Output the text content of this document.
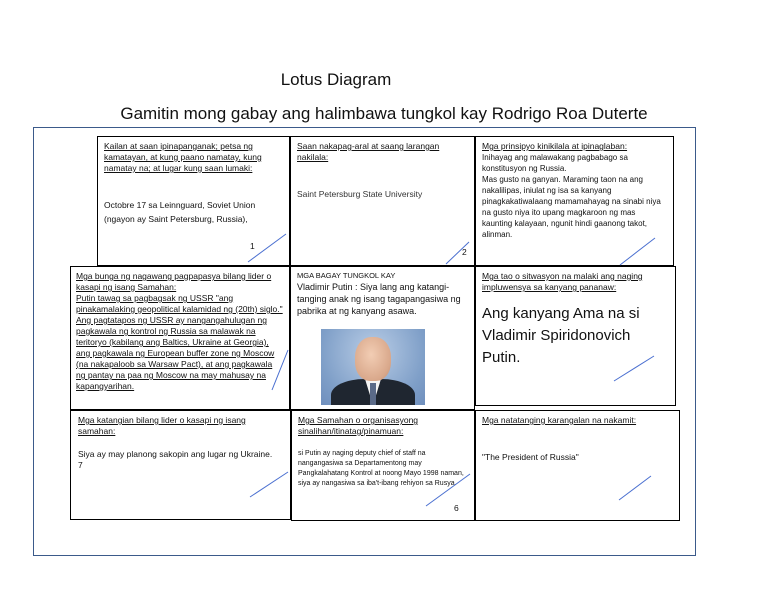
Lotus Diagram
Gamitin mong gabay ang halimbawa tungkol kay Rodrigo Roa Duterte
Kailan at saan ipinapanganak; petsa ng kamatayan, at kung paano namatay, kung namatay na; at lugar kung saan lumaki:
Octobre 17 sa Leinnguard, Soviet Union (ngayon ay Saint Petersburg, Russia),
1
Saan nakapag-aral at saang larangan nakilala:
Saint Petersburg State University
2
Mga prinsipyo kinikilala at ipinaglaban:
Inihayag ang malawakang pagbabago sa konstitusyon ng Russia.
Mas gusto na ganyan. Maraming taon na ang nakalilipas, iniulat ng isa sa kanyang pinagkakatiwalaang mamamahayag na sinabi niya na gusto niya ito upang magkaroon ng mas kaunting kalayaan, ngunit hindi gaanong takot, alinman.
Mga bunga ng nagawang pagpapasya bilang lider o kasapi ng isang Samahan:
Putin tawag sa pagbagsak ng USSR "ang pinakamalaking geopolitical kalamidad ng (20th) siglo." Ang pagtatapos ng USSR ay nangangahulugan ng pagkawala ng kontrol ng Russia sa malawak na teritoryo (kabilang ang Baltics, Ukraine at Georgia), ang pagkawala ng European buffer zone ng Moscow (na nakapaloob sa Warsaw Pact), at ang pagkawala ng pantay na paa ng Moscow na may mahusay na kapangyarihan.
MGA BAGAY TUNGKOL KAY
Vladimir Putin : Siya lang ang katangi-tanging anak ng isang tagapangasiwa ng pabrika at ng kanyang asawa.
Mga tao o sitwasyon na malaki ang naging impluwensya sa kanyang pananaw:
Ang kanyang Ama na si Vladimir Spiridonovich Putin.
Mga katangian bilang lider o kasapi ng isang samahan:
Siya ay may planong sakopin ang lugar ng Ukraine.
7
Mga Samahan o organisasyong sinalihan/itinatag/pinamuan:
si Putin ay naging deputy chief of staff na nangangasiwa sa Departamentong may Pangkalahatang Kontrol at noong Mayo 1998 naman, siya ay nangasiwa sa iba't-ibang rehiyon sa Rusya.
6
Mga natatanging karangalan na nakamit:
"The President of Russia"
